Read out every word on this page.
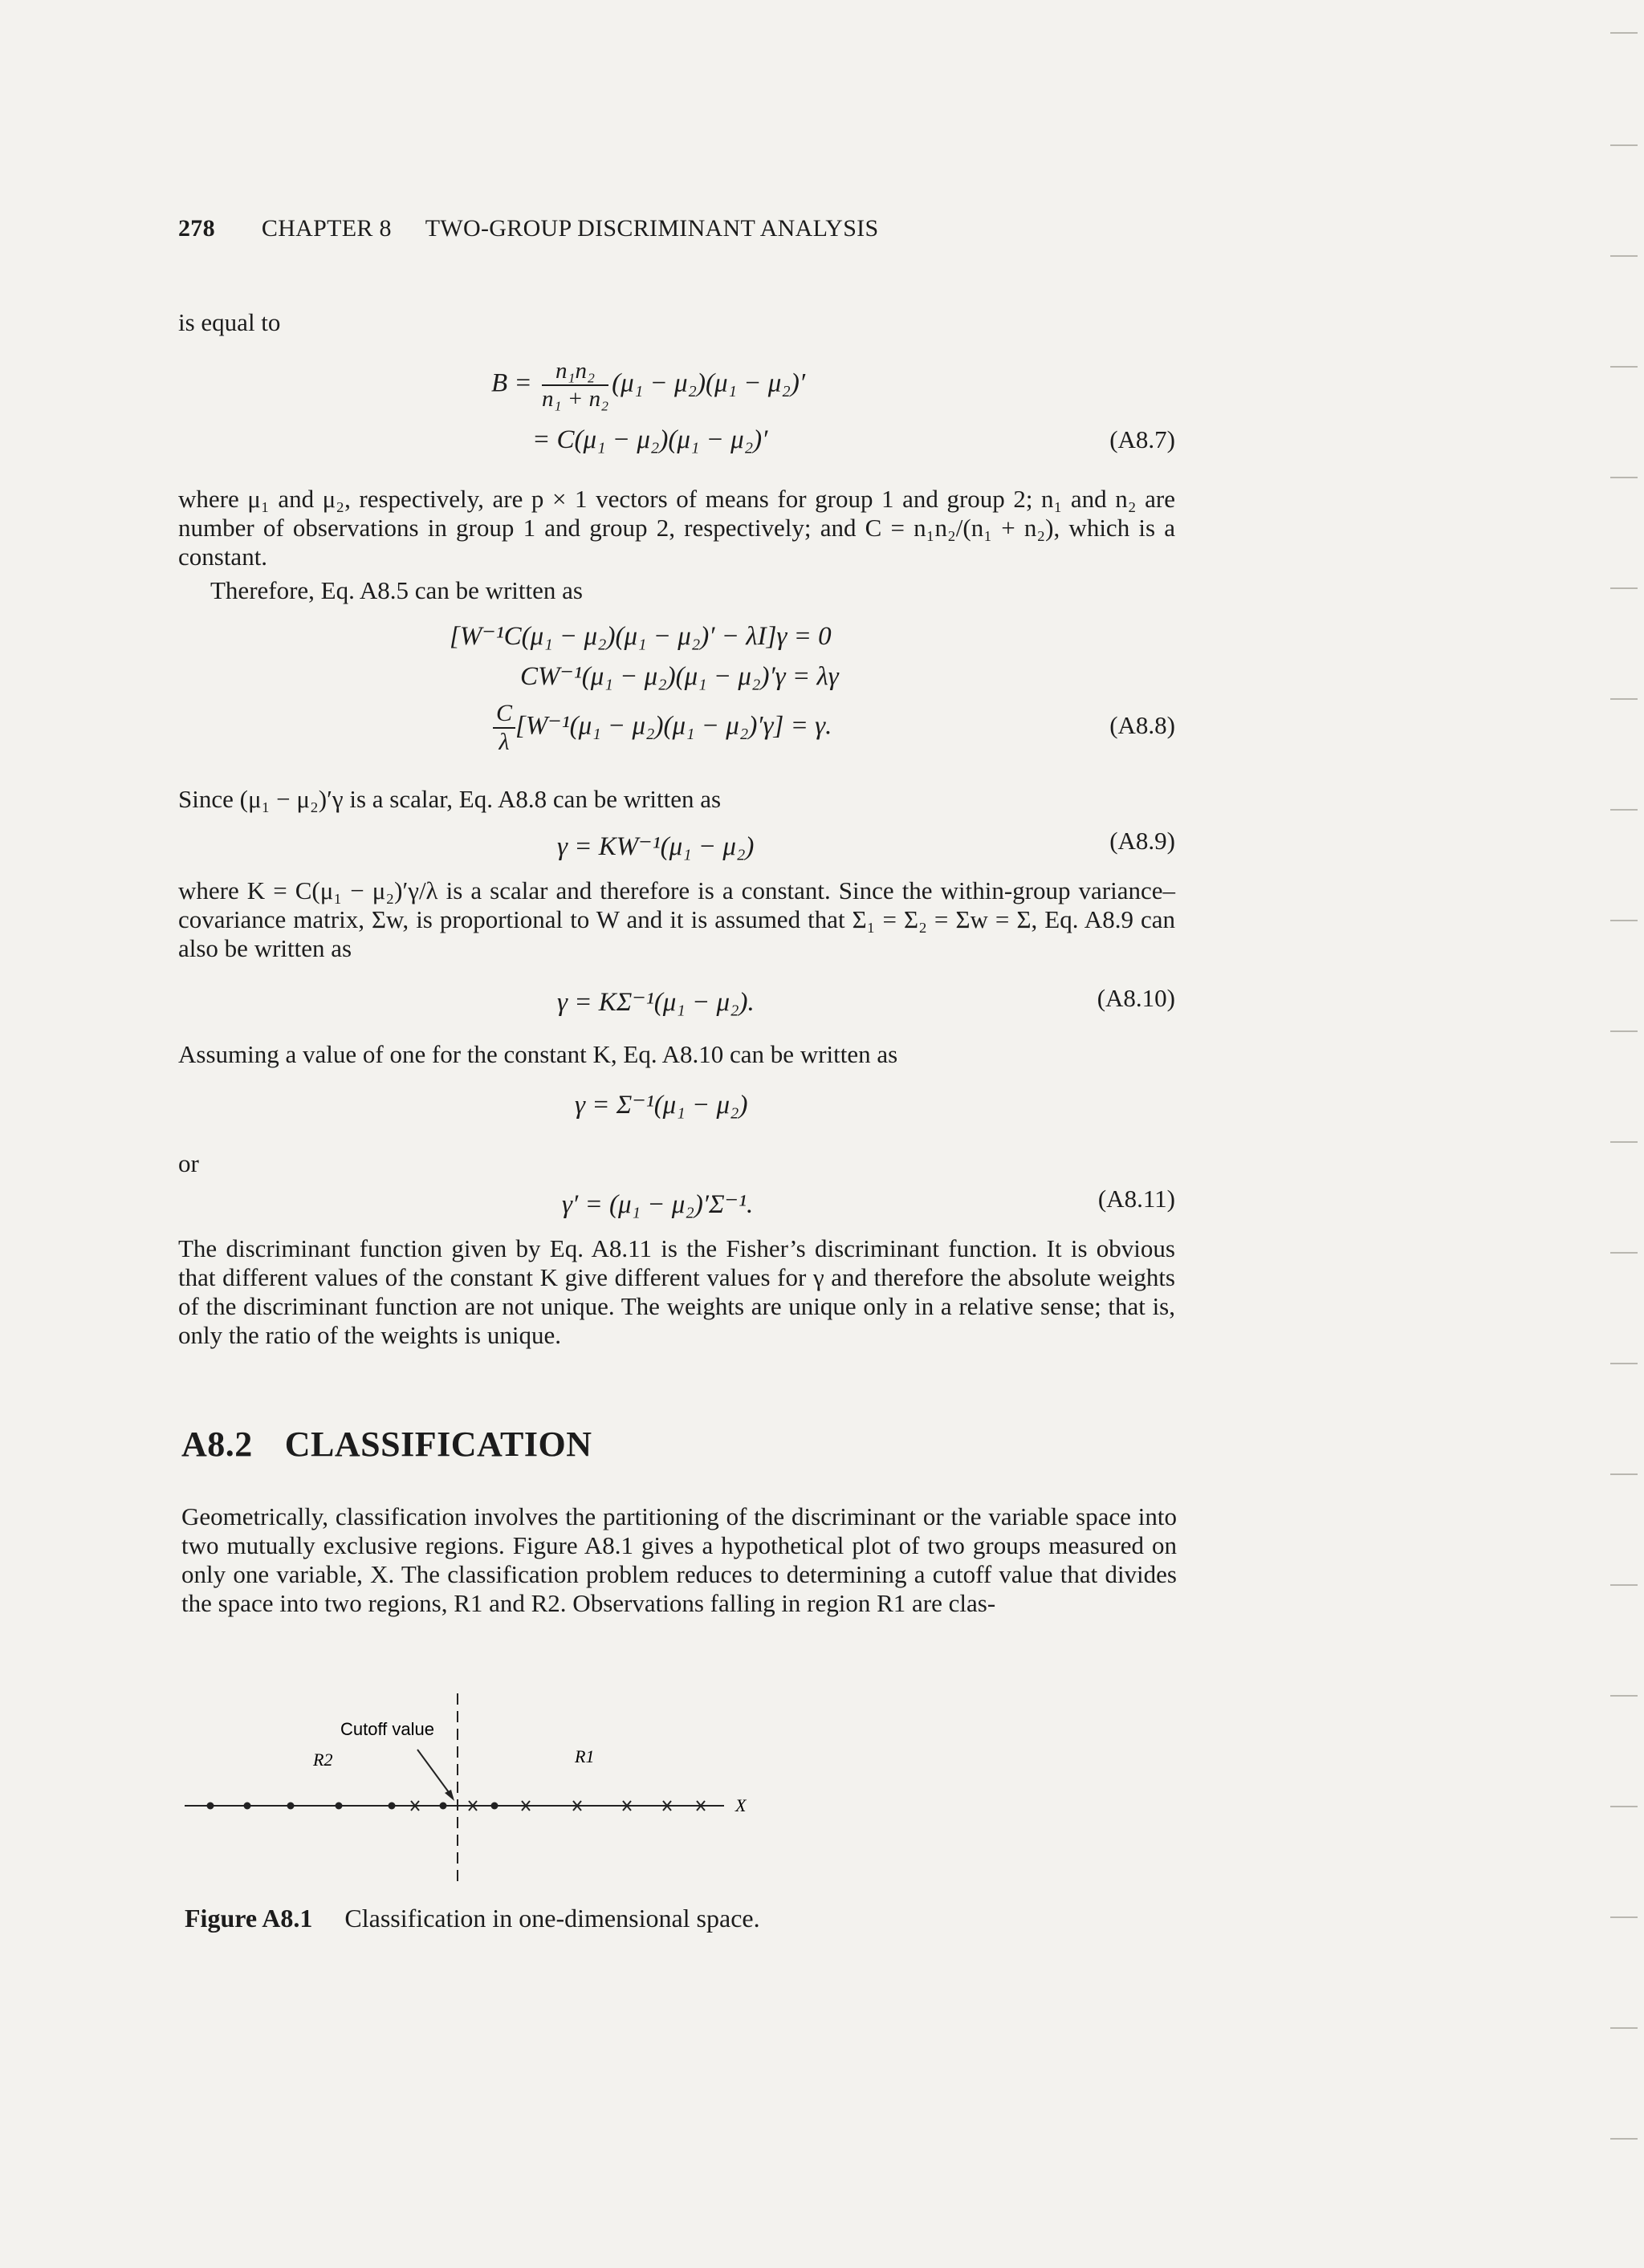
278 CHAPTER 8 TWO-GROUP DISCRIMINANT ANALYSIS
is equal to
$B = \frac{\text{n₁n₂}}{\text{n₁ + n₂}} (\mu_1 - \mu_2)(\mu_1 - \mu_2)'$
= C(μ₁ − μ₂)(μ₁ − μ₂)′	(A8.7)
where μ₁ and μ₂, respectively, are p × 1 vectors of means for group 1 and group 2; n₁ and n₂ are number of observations in group 1 and group 2, respectively; and C = n₁n₂/(n₁ + n₂), which is a constant.
Therefore, Eq. A8.5 can be written as
[W⁻¹C(μ₁ − μ₂)(μ₁ − μ₂)′ − λI]γ = 0
CW⁻¹(μ₁ − μ₂)(μ₁ − μ₂)′γ = λγ
$\frac{C}{\lambda} [W^{-1}(\mu_1 - \mu_2)(\mu_1 - \mu_2)'\gamma] = \gamma$.	(A8.8)
Since (μ₁ − μ₂)′γ is a scalar, Eq. A8.8 can be written as
γ = KW⁻¹(μ₁ − μ₂)	(A8.9)
where K = C(μ₁ − μ₂)′γ/λ is a scalar and therefore is a constant. Since the within-group variance–covariance matrix, Σw, is proportional to W and it is assumed that Σ₁ = Σ₂ = Σw = Σ, Eq. A8.9 can also be written as
γ = KΣ⁻¹(μ₁ − μ₂).	(A8.10)
Assuming a value of one for the constant K, Eq. A8.10 can be written as
γ = Σ⁻¹(μ₁ − μ₂)
or
γ′ = (μ₁ − μ₂)′Σ⁻¹.	(A8.11)
The discriminant function given by Eq. A8.11 is the Fisher’s discriminant function. It is obvious that different values of the constant K give different values for γ and therefore the absolute weights of the discriminant function are not unique. The weights are unique only in a relative sense; that is, only the ratio of the weights is unique.
A8.2 CLASSIFICATION
Geometrically, classification involves the partitioning of the discriminant or the variable space into two mutually exclusive regions. Figure A8.1 gives a hypothetical plot of two groups measured on only one variable, X. The classification problem reduces to determining a cutoff value that divides the space into two regions, R1 and R2. Observations falling in region R1 are clas-
Cutoff value
R2	R1
X
Figure A8.1 Classification in one-dimensional space.
